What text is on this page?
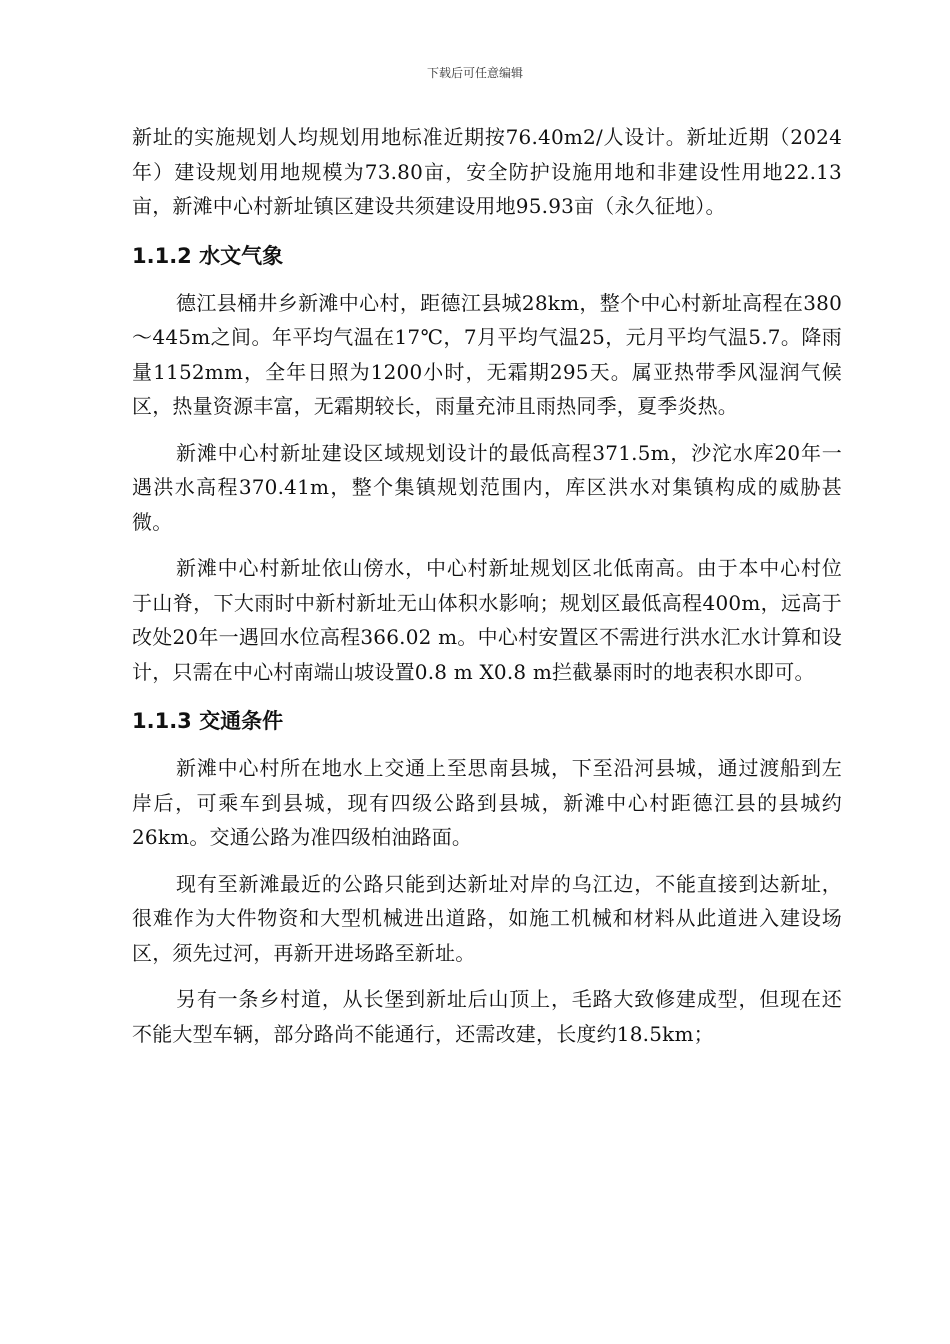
下载后可任意编辑

新址的实施规划人均规划用地标准近期按76.40m2/人设计。新址近期（2024年）建设规划用地规模为73.80亩，安全防护设施用地和非建设性用地22.13亩，新滩中心村新址镇区建设共须建设用地95.93亩（永久征地）。

1.1.2 水文气象

德江县桶井乡新滩中心村，距德江县城28km，整个中心村新址高程在380～445m之间。年平均气温在17℃，7月平均气温25，元月平均气温5.7。降雨量1152mm，全年日照为1200小时，无霜期295天。属亚热带季风湿润气候区，热量资源丰富，无霜期较长，雨量充沛且雨热同季，夏季炎热。

新滩中心村新址建设区域规划设计的最低高程371.5m，沙沱水库20年一遇洪水高程370.41m，整个集镇规划范围内，库区洪水对集镇构成的威胁甚微。

新滩中心村新址依山傍水，中心村新址规划区北低南高。由于本中心村位于山脊，下大雨时中新村新址无山体积水影响；规划区最低高程400m，远高于改处20年一遇回水位高程366.02 m。中心村安置区不需进行洪水汇水计算和设计，只需在中心村南端山坡设置0.8 m X0.8 m拦截暴雨时的地表积水即可。

1.1.3 交通条件

新滩中心村所在地水上交通上至思南县城，下至沿河县城，通过渡船到左岸后，可乘车到县城，现有四级公路到县城，新滩中心村距德江县的县城约26km。交通公路为准四级柏油路面。

现有至新滩最近的公路只能到达新址对岸的乌江边，不能直接到达新址，很难作为大件物资和大型机械进出道路，如施工机械和材料从此道进入建设场区，须先过河，再新开进场路至新址。

另有一条乡村道，从长堡到新址后山顶上，毛路大致修建成型，但现在还不能大型车辆，部分路尚不能通行，还需改建，长度约18.5km；
